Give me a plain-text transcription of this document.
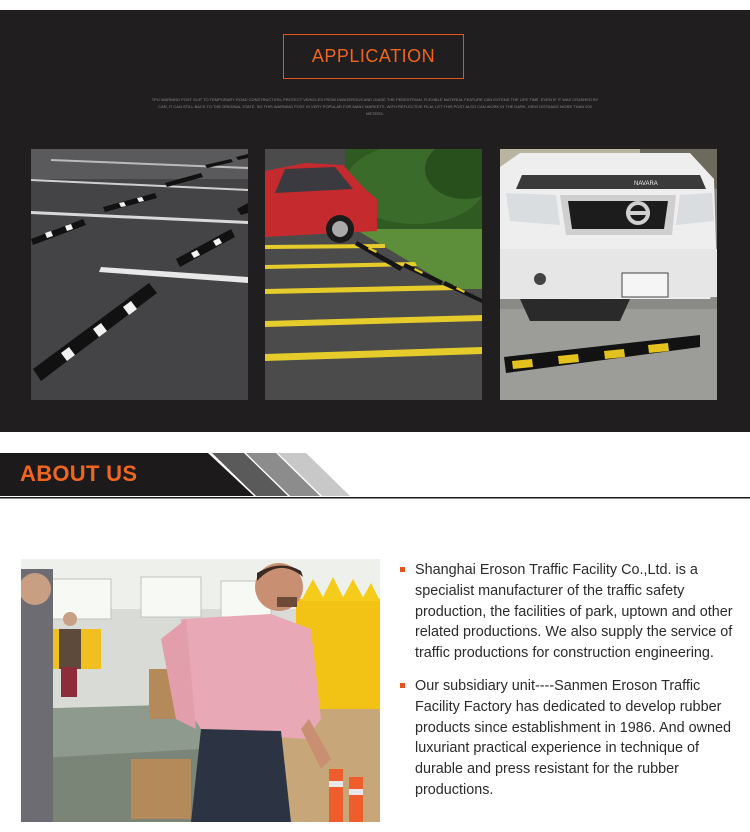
APPLICATION

TPU WARNING POST SUIT TO TEMPORARY ROAD CONSTRUCTION, PROTECT VEHICLES FROM DANGEROUS AND GUIDE THE PEDESTRIAN. FLEXIBLE MATERIAL FEATURE CAN EXTEND THE LIFE TIME. EVEN IF IT WAS CRASHED BY CAR, IT CAN STILL BACK TO THE ORIGINAL STATE. SO THIS WARNING POST IS VERY POPULAR FOR MANY MARKETS. WITH REFLECTIVE FILM, LET THIS POST ALSO CAN WORK IN THE DARK, VIEW DISTANCE MORE THAN 200 METERS.

NAVARA
ABOUT US

Shanghai Eroson Traffic Facility Co.,Ltd. is a specialist manufacturer of the traffic safety production, the facilities of park, uptown and other related productions. We also supply the service of traffic productions for construction engineering.

Our subsidiary unit----Sanmen Eroson Traffic Facility Factory has dedicated to develop rubber products since establishment in 1986. And owned luxuriant practical experience in technique of durable and press resistant for the rubber productions.
